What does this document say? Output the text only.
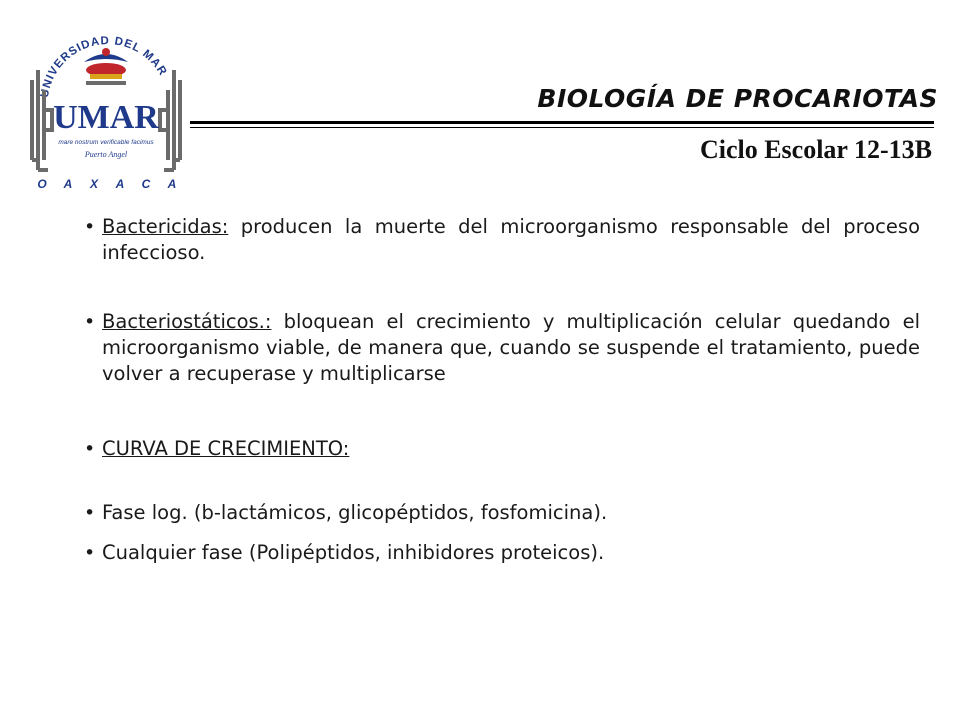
UNIVERSIDAD DEL MAR
UMAR
mare nostrum verificable facimus
Puerto Angel
O A X A C A
BIOLOGÍA DE PROCARIOTAS
Ciclo Escolar 12-13B
• Bactericidas: producen la muerte del microorganismo responsable del proceso infeccioso.
• Bacteriostáticos.: bloquean el crecimiento y multiplicación celular quedando el microorganismo viable, de manera que, cuando se suspende el tratamiento, puede volver a recuperase y multiplicarse
• CURVA DE CRECIMIENTO:
• Fase log. (b-lactámicos, glicopéptidos, fosfomicina).
• Cualquier fase (Polipéptidos, inhibidores proteicos).
